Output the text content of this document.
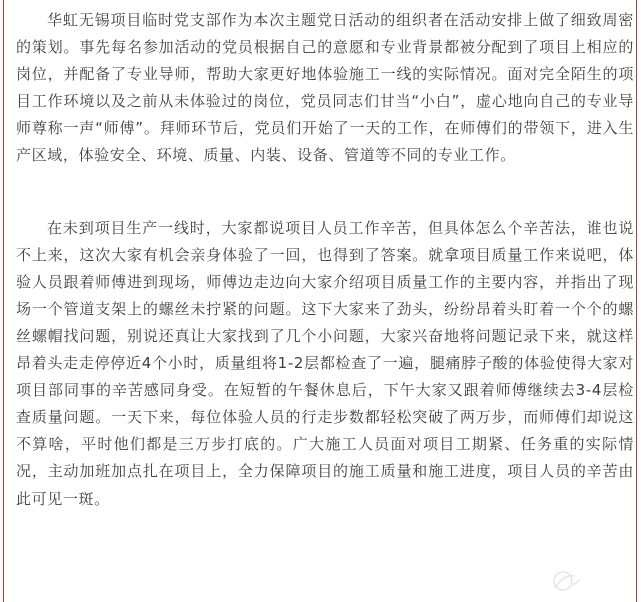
华虹无锡项目临时党支部作为本次主题党日活动的组织者在活动安排上做了细致周密的策划。事先每名参加活动的党员根据自己的意愿和专业背景都被分配到了项目上相应的岗位，并配备了专业导师，帮助大家更好地体验施工一线的实际情况。面对完全陌生的项目工作环境以及之前从未体验过的岗位，党员同志们甘当“小白”，虚心地向自己的专业导师尊称一声“师傅”。拜师环节后，党员们开始了一天的工作，在师傅们的带领下，进入生产区域，体验安全、环境、质量、内装、设备、管道等不同的专业工作。

在未到项目生产一线时，大家都说项目人员工作辛苦，但具体怎么个辛苦法，谁也说不上来，这次大家有机会亲身体验了一回，也得到了答案。就拿项目质量工作来说吧，体验人员跟着师傅进到现场，师傅边走边向大家介绍项目质量工作的主要内容，并指出了现场一个管道支架上的螺丝未拧紧的问题。这下大家来了劲头，纷纷昂着头盯着一个个的螺丝螺帽找问题，别说还真让大家找到了几个小问题，大家兴奋地将问题记录下来，就这样昂着头走走停停近4个小时，质量组将1-2层都检查了一遍，腿痛脖子酸的体验使得大家对项目部同事的辛苦感同身受。在短暂的午餐休息后，下午大家又跟着师傅继续去3-4层检查质量问题。一天下来，每位体验人员的行走步数都轻松突破了两万步，而师傅们却说这不算啥，平时他们都是三万步打底的。广大施工人员面对项目工期紧、任务重的实际情况，主动加班加点扎在项目上，全力保障项目的施工质量和施工进度，项目人员的辛苦由此可见一斑。
